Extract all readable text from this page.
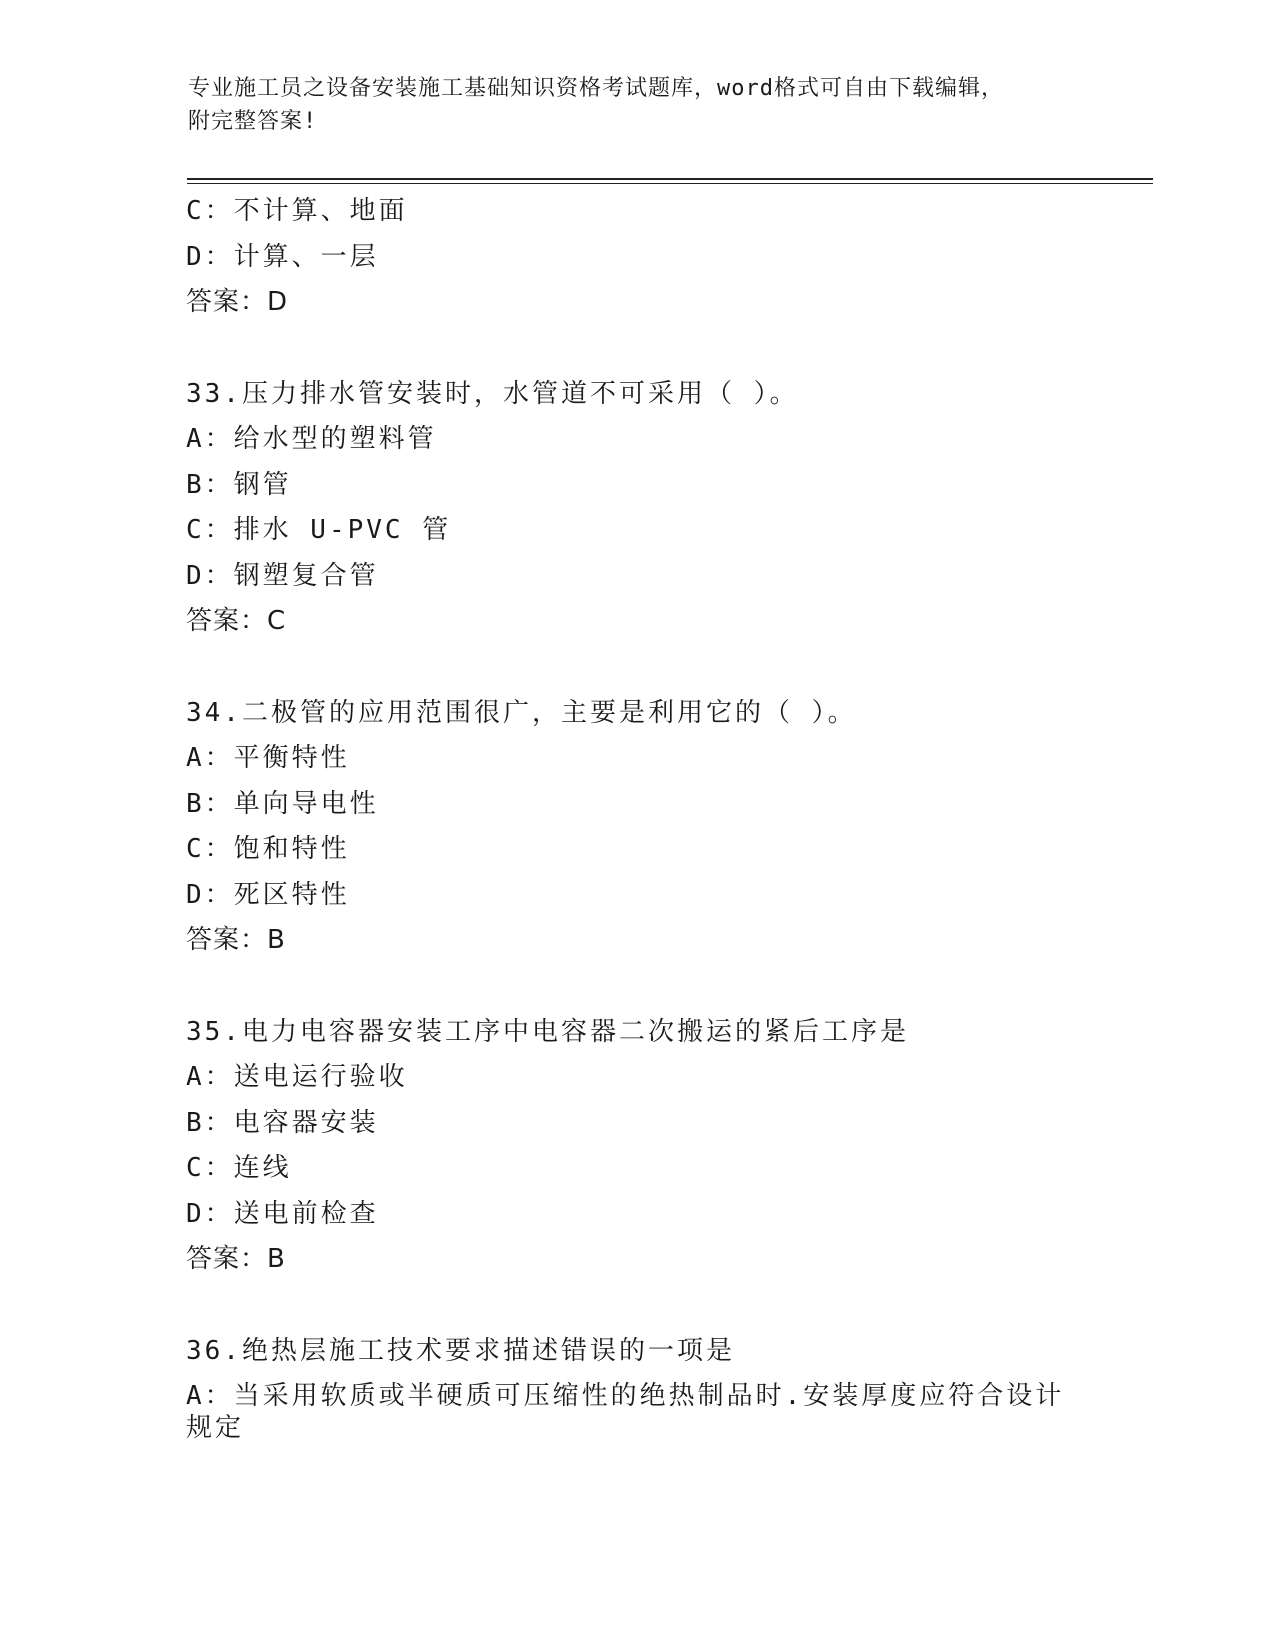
专业施工员之设备安装施工基础知识资格考试题库，word格式可自由下载编辑，
附完整答案!
C：不计算、地面
D：计算、一层
答案：D
33.压力排水管安装时，水管道不可采用（ ）。
A：给水型的塑料管
B：钢管
C：排水 U-PVC 管
D：钢塑复合管
答案：C
34.二极管的应用范围很广，主要是利用它的（ ）。
A：平衡特性
B：单向导电性
C：饱和特性
D：死区特性
答案：B
35.电力电容器安装工序中电容器二次搬运的紧后工序是
A：送电运行验收
B：电容器安装
C：连线
D：送电前检查
答案：B
36.绝热层施工技术要求描述错误的一项是
A：当采用软质或半硬质可压缩性的绝热制品时.安装厚度应符合设计
规定
